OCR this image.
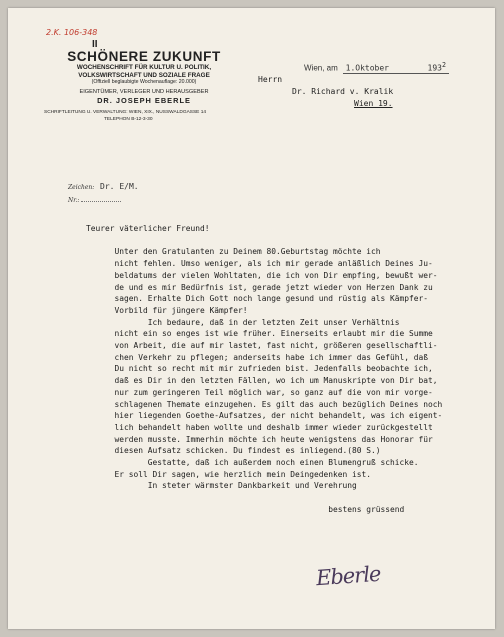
2.K. 106-348
II
SCHÖNERE ZUKUNFT
WOCHENSCHRIFT FÜR KULTUR U. POLITIK,
VOLKSWIRTSCHAFT UND SOZIALE FRAGE
(Offiziell beglaubigte Wochenauflage: 20.000)
EIGENTÜMER, VERLEGER UND HERAUSGEBER
DR. JOSEPH EBERLE
SCHRIFTLEITUNG U. VERWALTUNG: WIEN, XIX., NUSSWALDGASSE 14
TELEPHON B-12-3-30
Wien, am 1.Oktober	$193^2$
Herrn
Dr. Richard v. Kralik
Wien 19.
Zeichen: Dr. E/M.
Nr.:
Teurer väterlicher Freund!

Unter den Gratulanten zu Deinem 80.Geburtstag möchte ich
nicht fehlen. Umso weniger, als ich mir gerade anläßlich Deines Ju-
beldatums der vielen Wohltaten, die ich von Dir empfing, bewußt wer-
de und es mir Bedürfnis ist, gerade jetzt wieder von Herzen Dank zu
sagen. Erhalte Dich Gott noch lange gesund und rüstig als Kämpfer-
Vorbild für jüngere Kämpfer!
Ich bedaure, daß in der letzten Zeit unser Verhältnis
nicht ein so enges ist wie früher. Einerseits erlaubt mir die Summe
von Arbeit, die auf mir lastet, fast nicht, größeren gesellschaftli-
chen Verkehr zu pflegen; anderseits habe ich immer das Gefühl, daß
Du nicht so recht mit mir zufrieden bist. Jedenfalls beobachte ich,
daß es Dir in den letzten Fällen, wo ich um Manuskripte von Dir bat,
nur zum geringeren Teil möglich war, so ganz auf die von mir vorge-
schlagenen Themate einzugehen. Es gilt das auch bezüglich Deines noch
hier liegenden Goethe-Aufsatzes, der nicht behandelt, was ich eigent-
lich behandelt haben wollte und deshalb immer wieder zurückgestellt
werden musste. Immerhin möchte ich heute wenigstens das Honorar für
diesen Aufsatz schicken. Du findest es inliegend.(80 S.)
Gestatte, daß ich außerdem noch einen Blumengruß schicke.
Er soll Dir sagen, wie herzlich mein Deingedenken ist.
In steter wärmster Dankbarkeit und Verehrung

bestens grüssend
Eberle
